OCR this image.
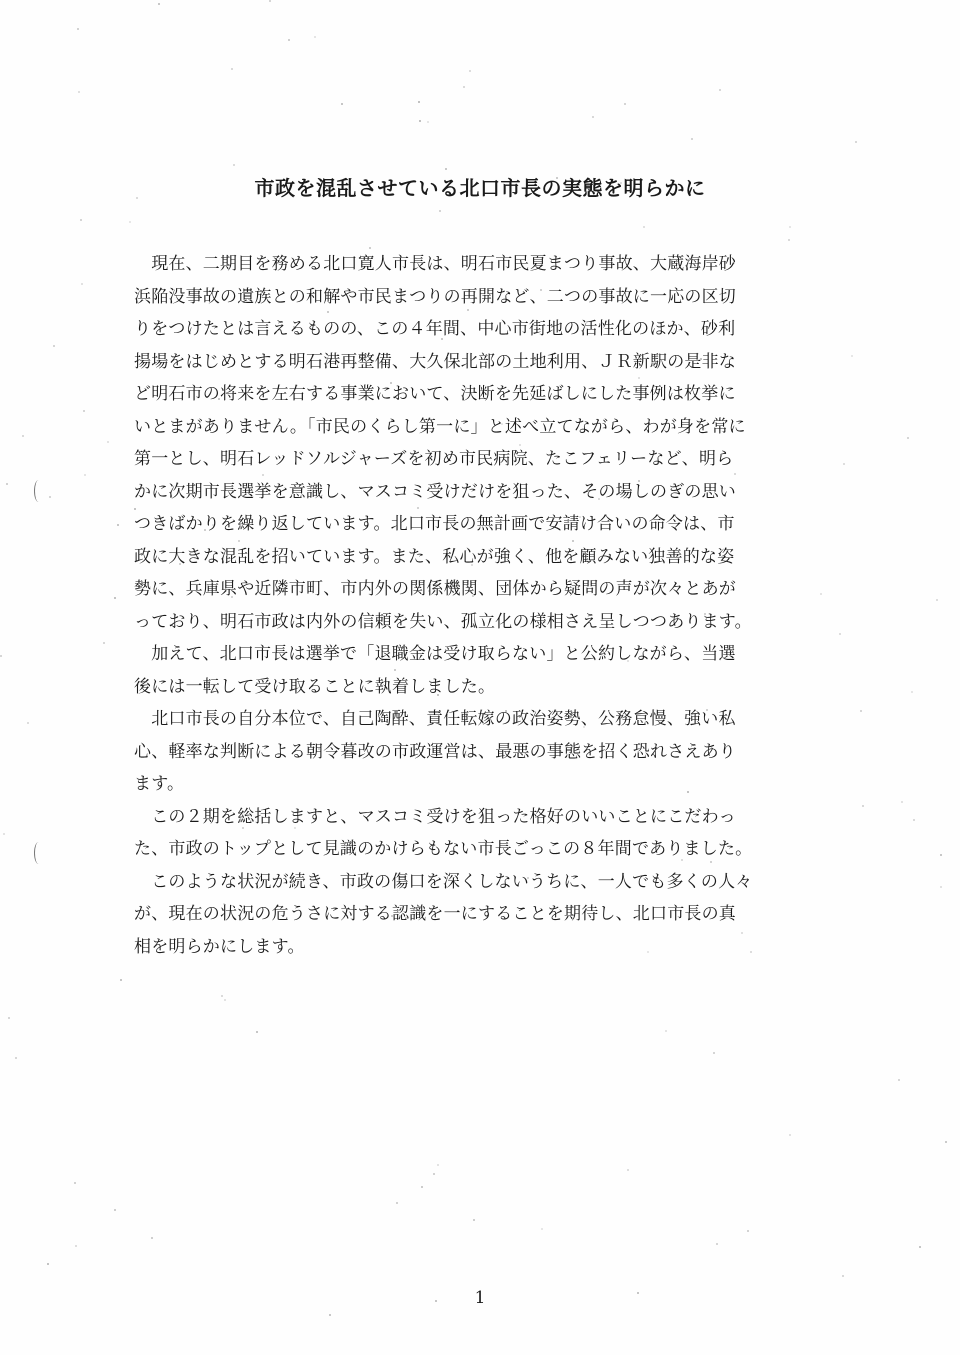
市政を混乱させている北口市長の実態を明らかに
　現在、二期目を務める北口寛人市長は、明石市民夏まつり事故、大蔵海岸砂
浜陥没事故の遺族との和解や市民まつりの再開など、二つの事故に一応の区切
りをつけたとは言えるものの、この４年間、中心市街地の活性化のほか、砂利
揚場をはじめとする明石港再整備、大久保北部の土地利用、ＪＲ新駅の是非な
ど明石市の将来を左右する事業において、決断を先延ばしにした事例は枚挙に
いとまがありません。「市民のくらし第一に」と述べ立てながら、わが身を常に
第一とし、明石レッドソルジャーズを初め市民病院、たこフェリーなど、明ら
かに次期市長選挙を意識し、マスコミ受けだけを狙った、その場しのぎの思い
つきばかりを繰り返しています。北口市長の無計画で安請け合いの命令は、市
政に大きな混乱を招いています。また、私心が強く、他を顧みない独善的な姿
勢に、兵庫県や近隣市町、市内外の関係機関、団体から疑問の声が次々とあが
っており、明石市政は内外の信頼を失い、孤立化の様相さえ呈しつつあります。
　加えて、北口市長は選挙で「退職金は受け取らない」と公約しながら、当選
後には一転して受け取ることに執着しました。
　北口市長の自分本位で、自己陶酔、責任転嫁の政治姿勢、公務怠慢、強い私
心、軽率な判断による朝令暮改の市政運営は、最悪の事態を招く恐れさえあり
ます。
　この２期を総括しますと、マスコミ受けを狙った格好のいいことにこだわっ
た、市政のトップとして見識のかけらもない市長ごっこの８年間でありました。
　このような状況が続き、市政の傷口を深くしないうちに、一人でも多くの人々
が、現在の状況の危うさに対する認識を一にすることを期待し、北口市長の真
相を明らかにします。
1
